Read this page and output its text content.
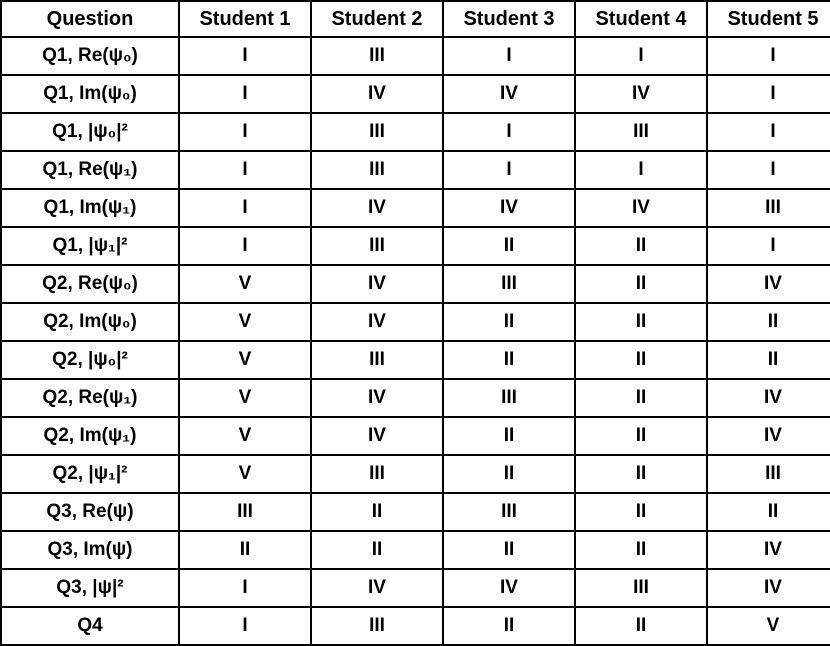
Question	Student 1	Student 2	Student 3	Student 4	Student 5
Q1, Re(ψ₀)	I	III	I	I	I
Q1, Im(ψ₀)	I	IV	IV	IV	I
Q1, |ψ₀|²	I	III	I	III	I
Q1, Re(ψ₁)	I	III	I	I	I
Q1, Im(ψ₁)	I	IV	IV	IV	III
Q1, |ψ₁|²	I	III	II	II	I
Q2, Re(ψ₀)	V	IV	III	II	IV
Q2, Im(ψ₀)	V	IV	II	II	II
Q2, |ψ₀|²	V	III	II	II	II
Q2, Re(ψ₁)	V	IV	III	II	IV
Q2, Im(ψ₁)	V	IV	II	II	IV
Q2, |ψ₁|²	V	III	II	II	III
Q3, Re(ψ)	III	II	III	II	II
Q3, Im(ψ)	II	II	II	II	IV
Q3, |ψ|²	I	IV	IV	III	IV
Q4	I	III	II	II	V
